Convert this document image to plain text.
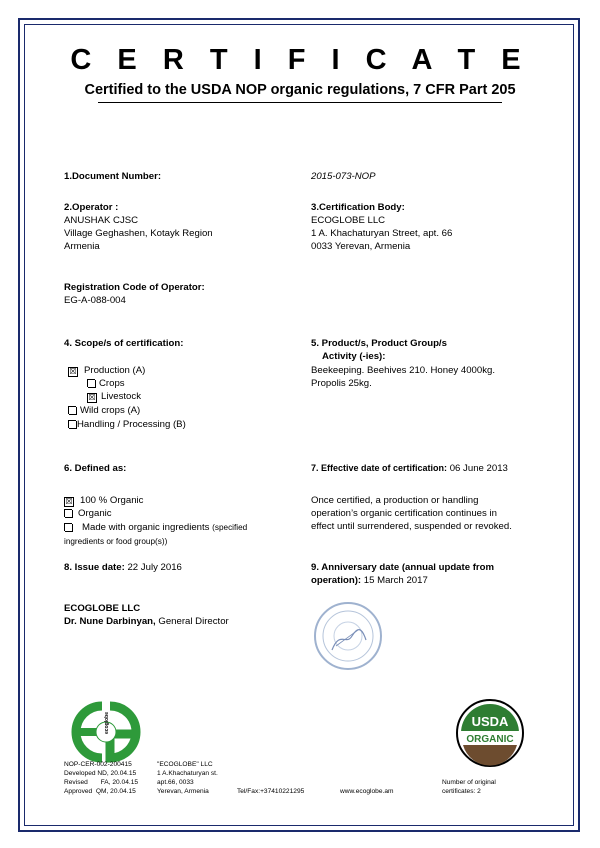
C E R T I F I C A T E
Certified to the USDA NOP organic regulations, 7 CFR Part 205
1.Document Number:	2015-073-NOP
2.Operator :
ANUSHAK CJSC
Village Geghashen, Kotayk Region
Armenia
3.Certification Body:
ECOGLOBE LLC
1 A. Khachaturyan Street, apt. 66
0033 Yerevan, Armenia
Registration Code of Operator:
EG-A-088-004
4. Scope/s of certification:
☒ Production (A)
Crops
☒ Livestock
Wild crops (A)
Handling / Processing (B)
5. Product/s, Product Group/s
Activity (-ies):
Beekeeping. Beehives 210. Honey 4000kg.
Propolis 25kg.
6. Defined as:
☒ 100 % Organic
Organic
Made with organic ingredients (specified
ingredients or food group(s))
7. Effective date of certification: 06 June 2013
Once certified, a production or handling
operation’s organic certification continues in
effect until surrendered, suspended or revoked.
8. Issue date: 22 July 2016	9. Anniversary date (annual update from
operation): 15 March 2017
ECOGLOBE LLC
Dr. Nune Darbinyan, General Director
ecoglobe	USDA
ORGANIC
NOP-CER-002-200415
Developed ND, 20.04.15
Revised       FA, 20.04.15
Approved  QM, 20.04.15
"ECOGLOBE" LLC
1 A.Khachaturyan st.
apt.66, 0033
Yerevan, Armenia	Tel/Fax:+37410221295	www.ecoglobe.am
Number of original
certificates: 2
